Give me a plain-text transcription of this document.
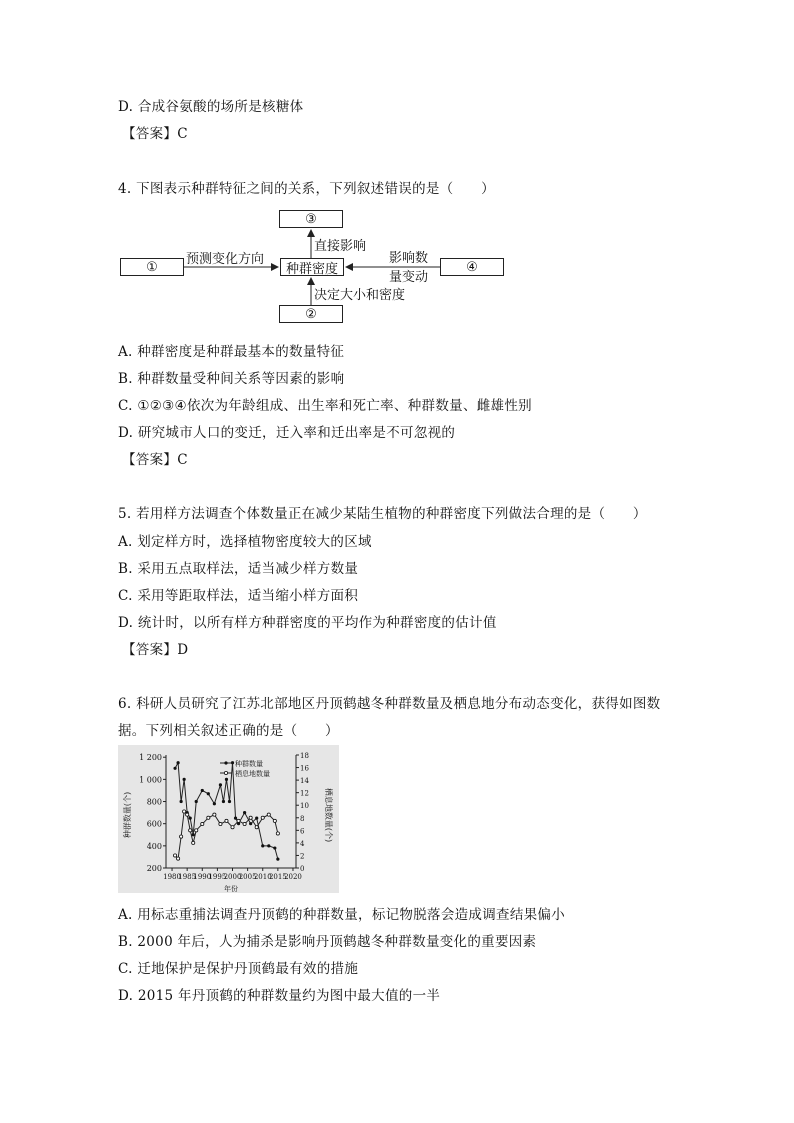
D. 合成谷氨酸的场所是核糖体
【答案】C
4. 下图表示种群特征之间的关系，下列叙述错误的是（　　）
③
①	种群密度	④
②
预测变化方向
直接影响
决定大小和密度
影响数
量变动
A. 种群密度是种群最基本的数量特征
B. 种群数量受种间关系等因素的影响
C. ①②③④依次为年龄组成、出生率和死亡率、种群数量、雌雄性别
D. 研究城市人口的变迁，迁入率和迁出率是不可忽视的
【答案】C
5. 若用样方法调查个体数量正在减少某陆生植物的种群密度下列做法合理的是（　　）
A. 划定样方时，选择植物密度较大的区域
B. 采用五点取样法，适当减少样方数量
C. 采用等距取样法，适当缩小样方面积
D. 统计时，以所有样方种群密度的平均作为种群密度的估计值
【答案】D
6. 科研人员研究了江苏北部地区丹顶鹤越冬种群数量及栖息地分布动态变化，获得如图数
据。下列相关叙述正确的是（　　）
200
400
600
800
1 000
1 200
0
2
4
6
8
10
12
14
16
18
1980
1985
1990
1995
2000
2005
2010
2015
2020
年份
种群数量(个)	栖息地数量(个)
种群数量
栖息地数量
A. 用标志重捕法调查丹顶鹤的种群数量，标记物脱落会造成调查结果偏小
B. 2000 年后，人为捕杀是影响丹顶鹤越冬种群数量变化的重要因素
C. 迁地保护是保护丹顶鹤最有效的措施
D. 2015 年丹顶鹤的种群数量约为图中最大值的一半
